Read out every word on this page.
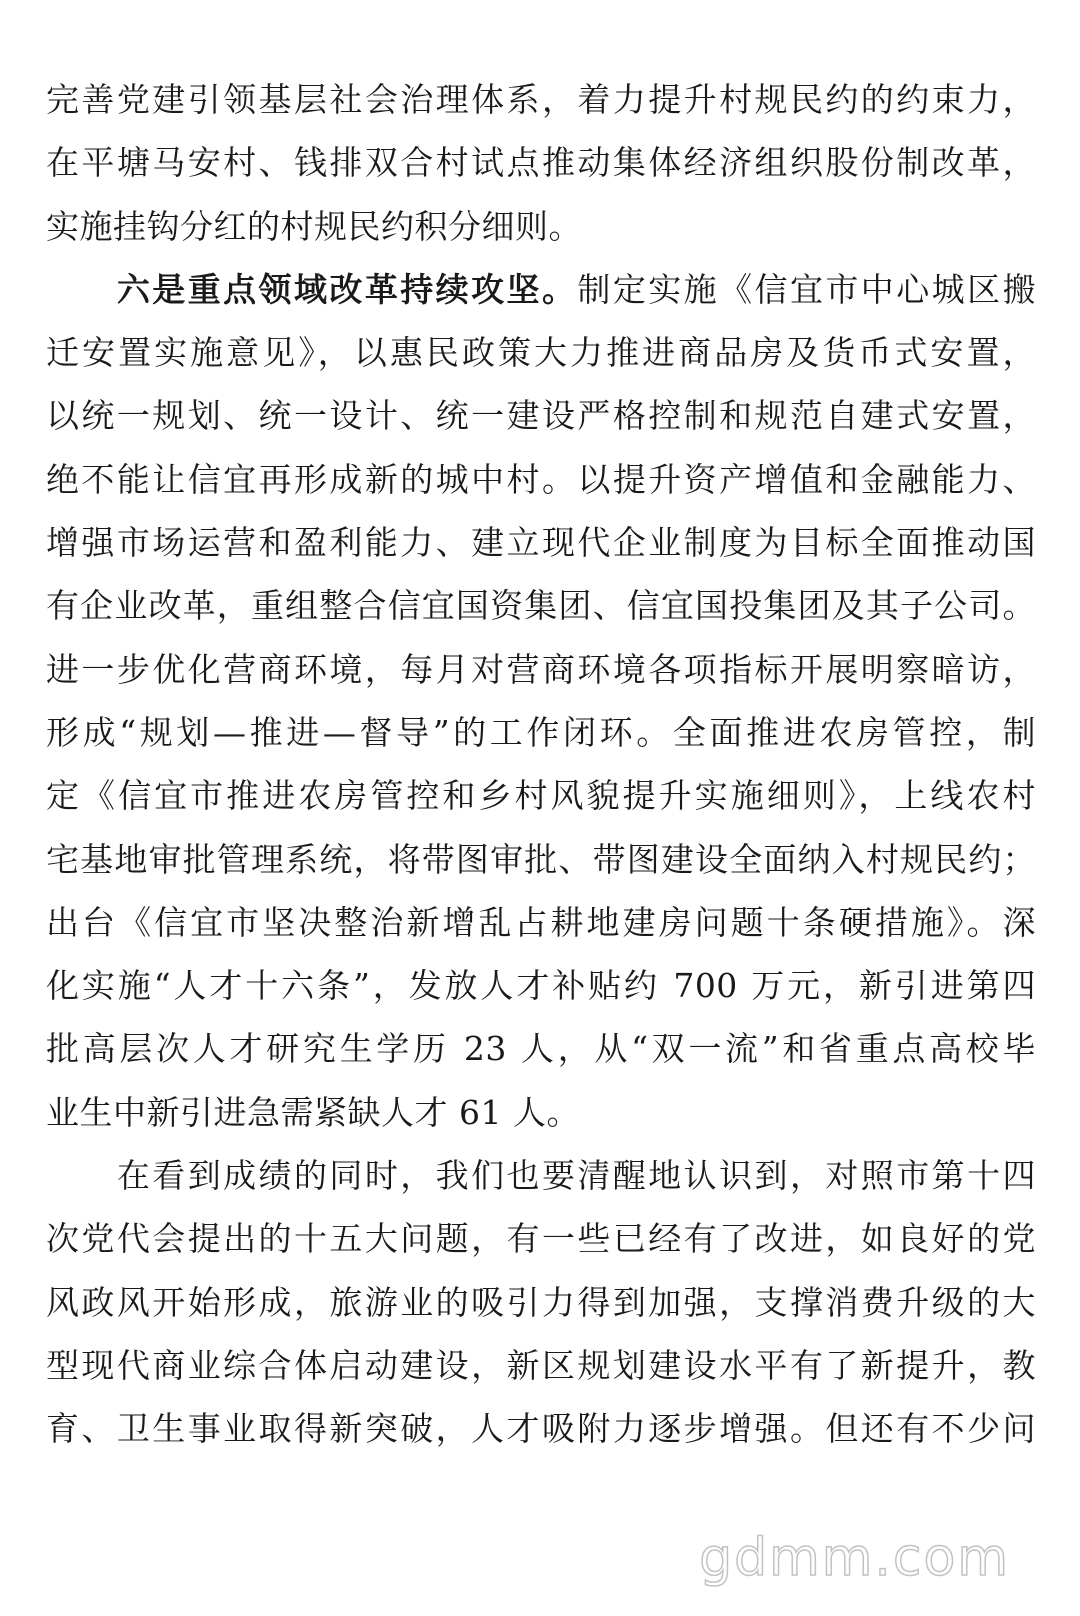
完善党建引领基层社会治理体系，着力提升村规民约的约束力，
在平塘马安村、钱排双合村试点推动集体经济组织股份制改革，
实施挂钩分红的村规民约积分细则。
　　六是重点领域改革持续攻坚。制定实施《信宜市中心城区搬
迁安置实施意见》，以惠民政策大力推进商品房及货币式安置，
以统一规划、统一设计、统一建设严格控制和规范自建式安置，
绝不能让信宜再形成新的城中村。以提升资产增值和金融能力、
增强市场运营和盈利能力、建立现代企业制度为目标全面推动国
有企业改革，重组整合信宜国资集团、信宜国投集团及其子公司。
进一步优化营商环境，每月对营商环境各项指标开展明察暗访，
形成“规划—推进—督导”的工作闭环。全面推进农房管控，制
定《信宜市推进农房管控和乡村风貌提升实施细则》，上线农村
宅基地审批管理系统，将带图审批、带图建设全面纳入村规民约；
出台《信宜市坚决整治新增乱占耕地建房问题十条硬措施》。深
化实施“人才十六条”，发放人才补贴约 700 万元，新引进第四
批高层次人才研究生学历 23 人，从“双一流”和省重点高校毕
业生中新引进急需紧缺人才 61 人。
　　在看到成绩的同时，我们也要清醒地认识到，对照市第十四
次党代会提出的十五大问题，有一些已经有了改进，如良好的党
风政风开始形成，旅游业的吸引力得到加强，支撑消费升级的大
型现代商业综合体启动建设，新区规划建设水平有了新提升，教
育、卫生事业取得新突破，人才吸附力逐步增强。但还有不少问
gdmm.com
